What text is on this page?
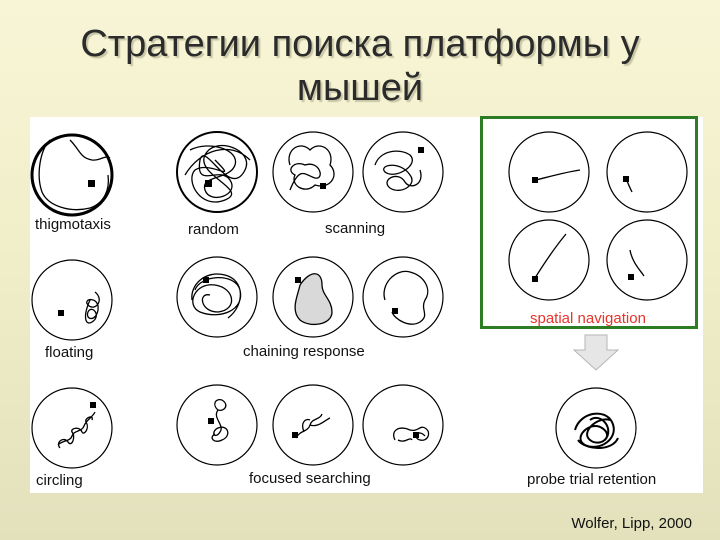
Стратегии поиска платформы у
мышей
thigmotaxis	random	scanning
floating	chaining response
spatial navigation
circling	focused searching	probe trial retention
Wolfer, Lipp, 2000
